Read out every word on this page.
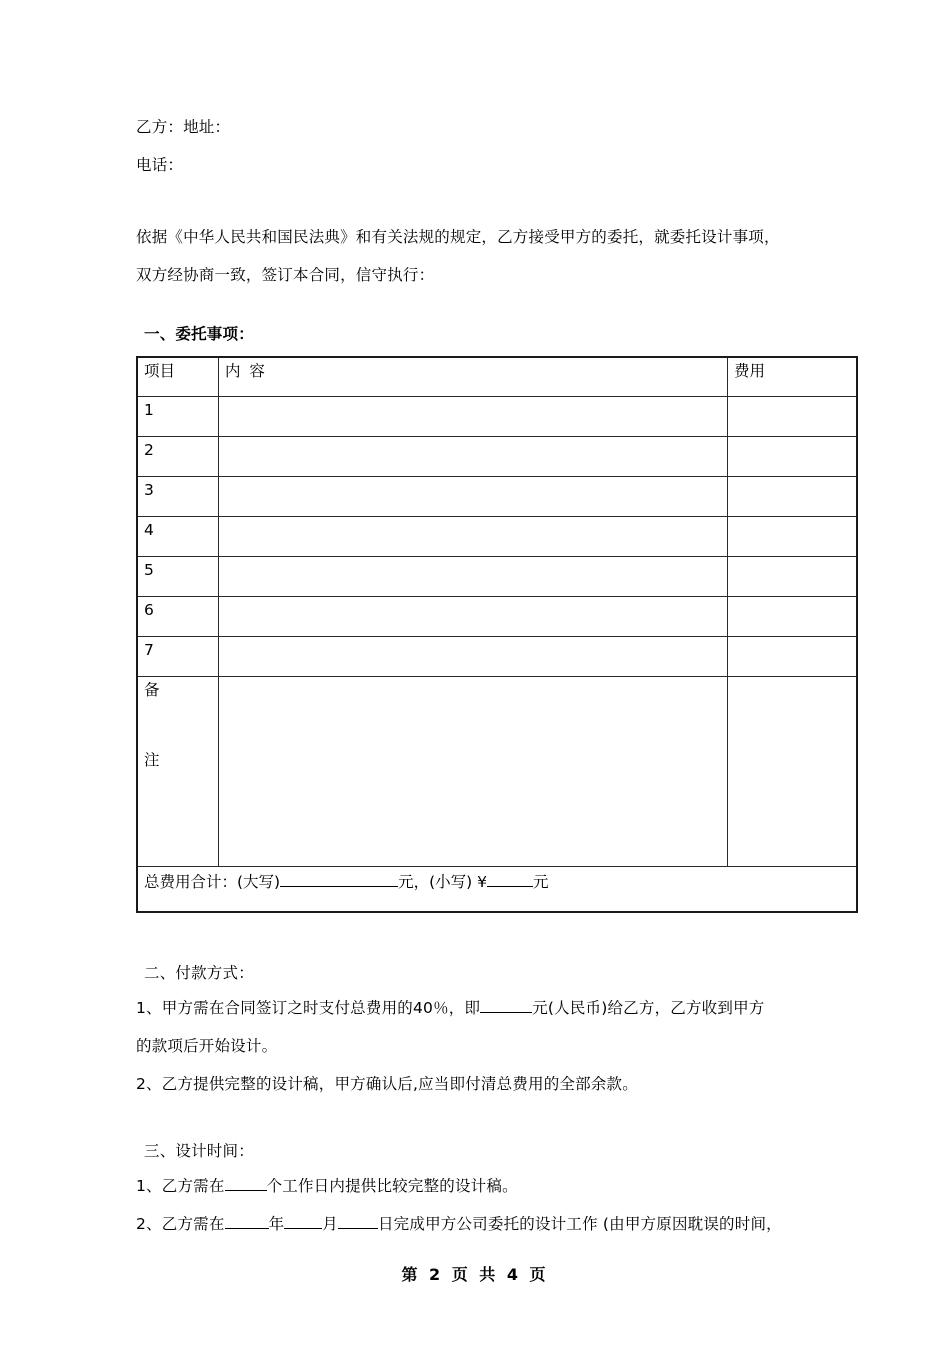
乙方：地址：
电话：
依据《中华人民共和国民法典》和有关法规的规定，乙方接受甲方的委托，就委托设计事项，
双方经协商一致，签订本合同，信守执行：
一、委托事项：
项目	内 容	费用
1		
2		
3		
4		
5		
6		
7		

备
注		

总费用合计：(大写) 元，(小写) ¥ 元		
二、付款方式：
1、甲方需在合同签订之时支付总费用的40％，即	元(人民币)给乙方，乙方收到甲方
的款项后开始设计。
2、乙方提供完整的设计稿，甲方确认后,应当即付清总费用的全部余款。
三、设计时间：
1、乙方需在	个工作日内提供比较完整的设计稿。
2、乙方需在	年 月	日完成甲方公司委托的设计工作 (由甲方原因耽误的时间，
第 2 页 共 4 页
